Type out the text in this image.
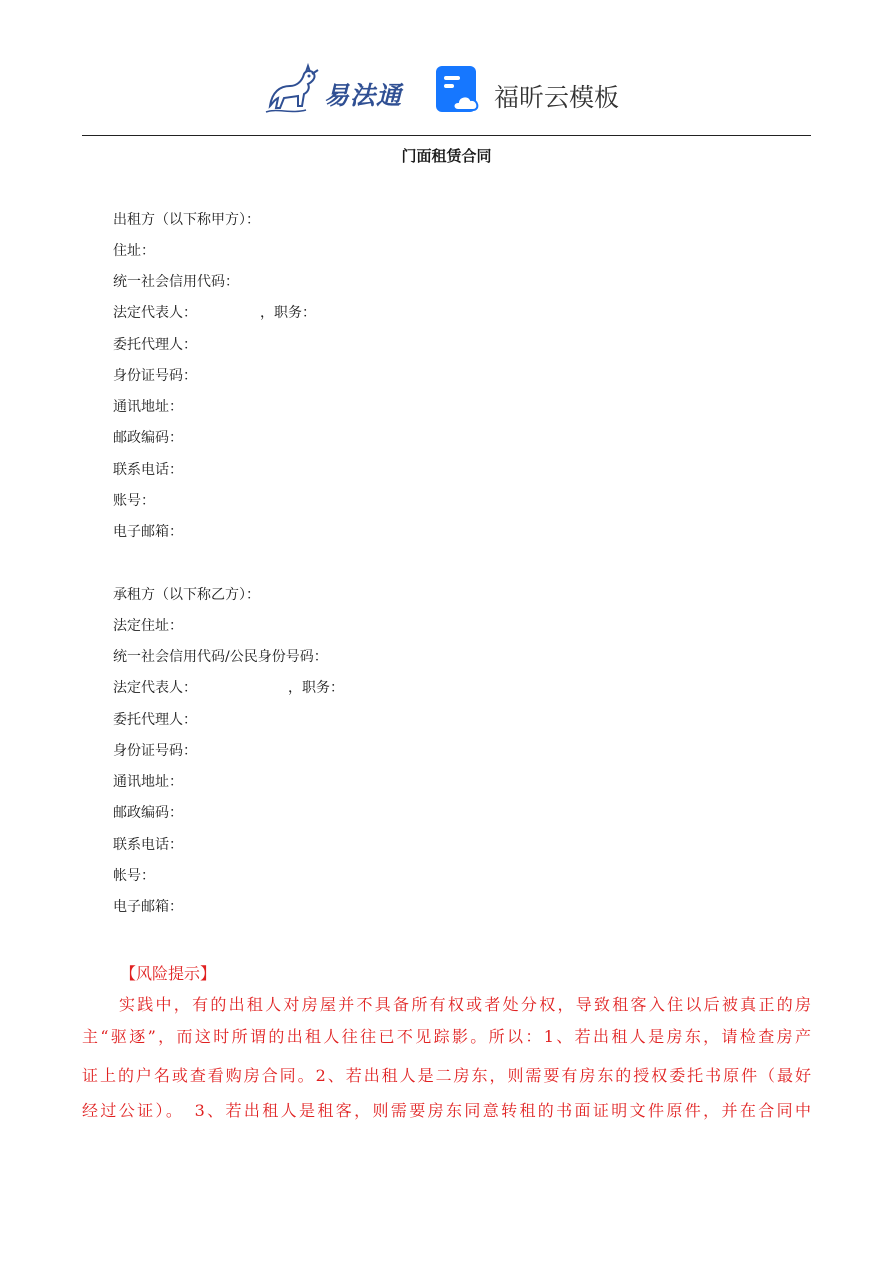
易法通	福昕云模板
门面租赁合同
出租方（以下称甲方）：
住址：
统一社会信用代码：
法定代表人：　　　　　，职务：
委托代理人：
身份证号码：
通讯地址：
邮政编码：
联系电话：
账号：
电子邮箱：
承租方（以下称乙方）：
法定住址：
统一社会信用代码/公民身份号码：
法定代表人：　　　　　　　，职务：
委托代理人：
身份证号码：
通讯地址：
邮政编码：
联系电话：
帐号：
电子邮箱：
【风险提示】
实践中，有的出租人对房屋并不具备所有权或者处分权，导致租客入住以后被真正的房
主“驱逐”，而这时所谓的出租人往往已不见踪影。所以：1、若出租人是房东，请检查房产
证上的户名或查看购房合同。2、若出租人是二房东，则需要有房东的授权委托书原件（最好
经过公证）。　3、若出租人是租客，则需要房东同意转租的书面证明文件原件，并在合同中
